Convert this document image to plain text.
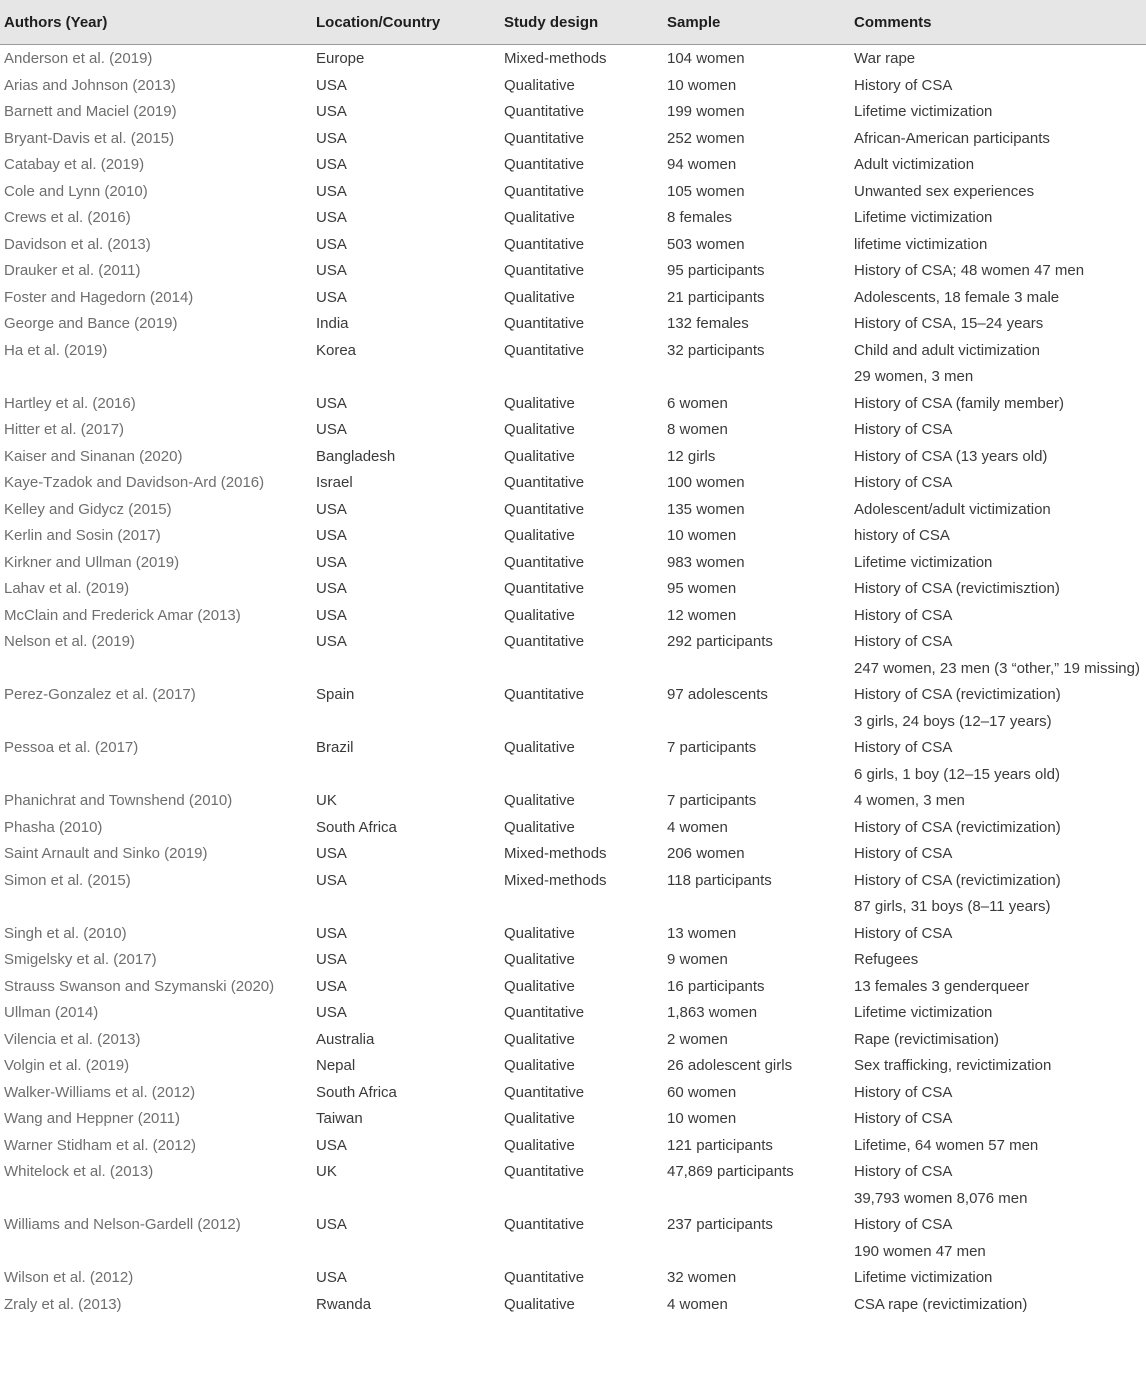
Authors (Year)	Location/Country	Study design	Sample	Comments
Anderson et al. (2019)	Europe	Mixed-methods	104 women	War rape

Arias and Johnson (2013)	USA	Qualitative	10 women	History of CSA

Barnett and Maciel (2019)	USA	Quantitative	199 women	Lifetime victimization

Bryant-Davis et al. (2015)	USA	Quantitative	252 women	African-American participants

Catabay et al. (2019)	USA	Quantitative	94 women	Adult victimization

Cole and Lynn (2010)	USA	Quantitative	105 women	Unwanted sex experiences

Crews et al. (2016)	USA	Qualitative	8 females	Lifetime victimization

Davidson et al. (2013)	USA	Quantitative	503 women	lifetime victimization

Drauker et al. (2011)	USA	Quantitative	95 participants	History of CSA; 48 women 47 men

Foster and Hagedorn (2014)	USA	Qualitative	21 participants	Adolescents, 18 female 3 male

George and Bance (2019)	India	Quantitative	132 females	History of CSA, 15–24 years

Ha et al. (2019)	Korea	Quantitative	32 participants	Child and adult victimization
29 women, 3 men

Hartley et al. (2016)	USA	Qualitative	6 women	History of CSA (family member)

Hitter et al. (2017)	USA	Qualitative	8 women	History of CSA

Kaiser and Sinanan (2020)	Bangladesh	Qualitative	12 girls	History of CSA (13 years old)

Kaye-Tzadok and Davidson-Ard (2016)	Israel	Quantitative	100 women	History of CSA

Kelley and Gidycz (2015)	USA	Quantitative	135 women	Adolescent/adult victimization

Kerlin and Sosin (2017)	USA	Qualitative	10 women	history of CSA

Kirkner and Ullman (2019)	USA	Quantitative	983 women	Lifetime victimization

Lahav et al. (2019)	USA	Quantitative	95 women	History of CSA (revictimisztion)

McClain and Frederick Amar (2013)	USA	Qualitative	12 women	History of CSA

Nelson et al. (2019)	USA	Quantitative	292 participants	History of CSA
247 women, 23 men (3 “other,” 19 missing)

Perez-Gonzalez et al. (2017)	Spain	Quantitative	97 adolescents	History of CSA (revictimization)
3 girls, 24 boys (12–17 years)

Pessoa et al. (2017)	Brazil	Qualitative	7 participants	History of CSA
6 girls, 1 boy (12–15 years old)

Phanichrat and Townshend (2010)	UK	Qualitative	7 participants	4 women, 3 men

Phasha (2010)	South Africa	Qualitative	4 women	History of CSA (revictimization)

Saint Arnault and Sinko (2019)	USA	Mixed-methods	206 women	History of CSA

Simon et al. (2015)	USA	Mixed-methods	118 participants	History of CSA (revictimization)
87 girls, 31 boys (8–11 years)

Singh et al. (2010)	USA	Qualitative	13 women	History of CSA

Smigelsky et al. (2017)	USA	Qualitative	9 women	Refugees

Strauss Swanson and Szymanski (2020)	USA	Qualitative	16 participants	13 females 3 genderqueer

Ullman (2014)	USA	Quantitative	1,863 women	Lifetime victimization

Vilencia et al. (2013)	Australia	Qualitative	2 women	Rape (revictimisation)

Volgin et al. (2019)	Nepal	Qualitative	26 adolescent girls	Sex trafficking, revictimization

Walker-Williams et al. (2012)	South Africa	Quantitative	60 women	History of CSA

Wang and Heppner (2011)	Taiwan	Qualitative	10 women	History of CSA

Warner Stidham et al. (2012)	USA	Qualitative	121 participants	Lifetime, 64 women 57 men

Whitelock et al. (2013)	UK	Quantitative	47,869 participants	History of CSA
39,793 women 8,076 men

Williams and Nelson-Gardell (2012)	USA	Quantitative	237 participants	History of CSA
190 women 47 men

Wilson et al. (2012)	USA	Quantitative	32 women	Lifetime victimization

Zraly et al. (2013)	Rwanda	Qualitative	4 women	CSA rape (revictimization)
